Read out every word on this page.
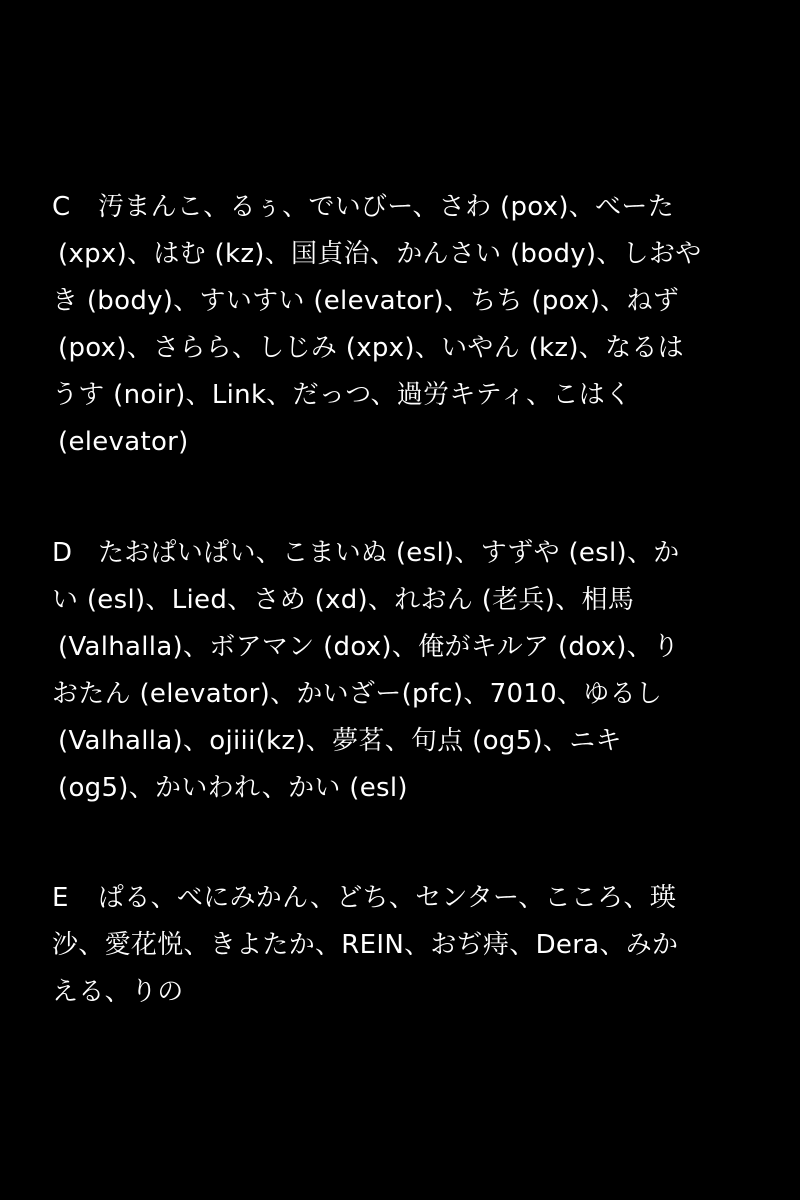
C 汚まんこ、るぅ、でいびー、さわ (pox)、べーた
(xpx)、はむ (kz)、国貞治、かんさい (body)、しおや
き (body)、すいすい (elevator)、ちち (pox)、ねず
(pox)、さらら、しじみ (xpx)、いやん (kz)、なるは
うす (noir)、Link、だっつ、過労キティ、こはく
(elevator)
D たおぱいぱい、こまいぬ (esl)、すずや (esl)、か
い (esl)、Lied、さめ (xd)、れおん (老兵)、相馬
(Valhalla)、ボアマン (dox)、俺がキルア (dox)、り
おたん (elevator)、かいざー(pfc)、7010、ゆるし
(Valhalla)、ojiii(kz)、夢茗、句点 (og5)、ニキ
(og5)、かいわれ、かい (esl)
E ぱる、べにみかん、どち、センター、こころ、瑛
沙、愛花悦、きよたか、REIN、おぢ痔、Dera、みか
える、りの
